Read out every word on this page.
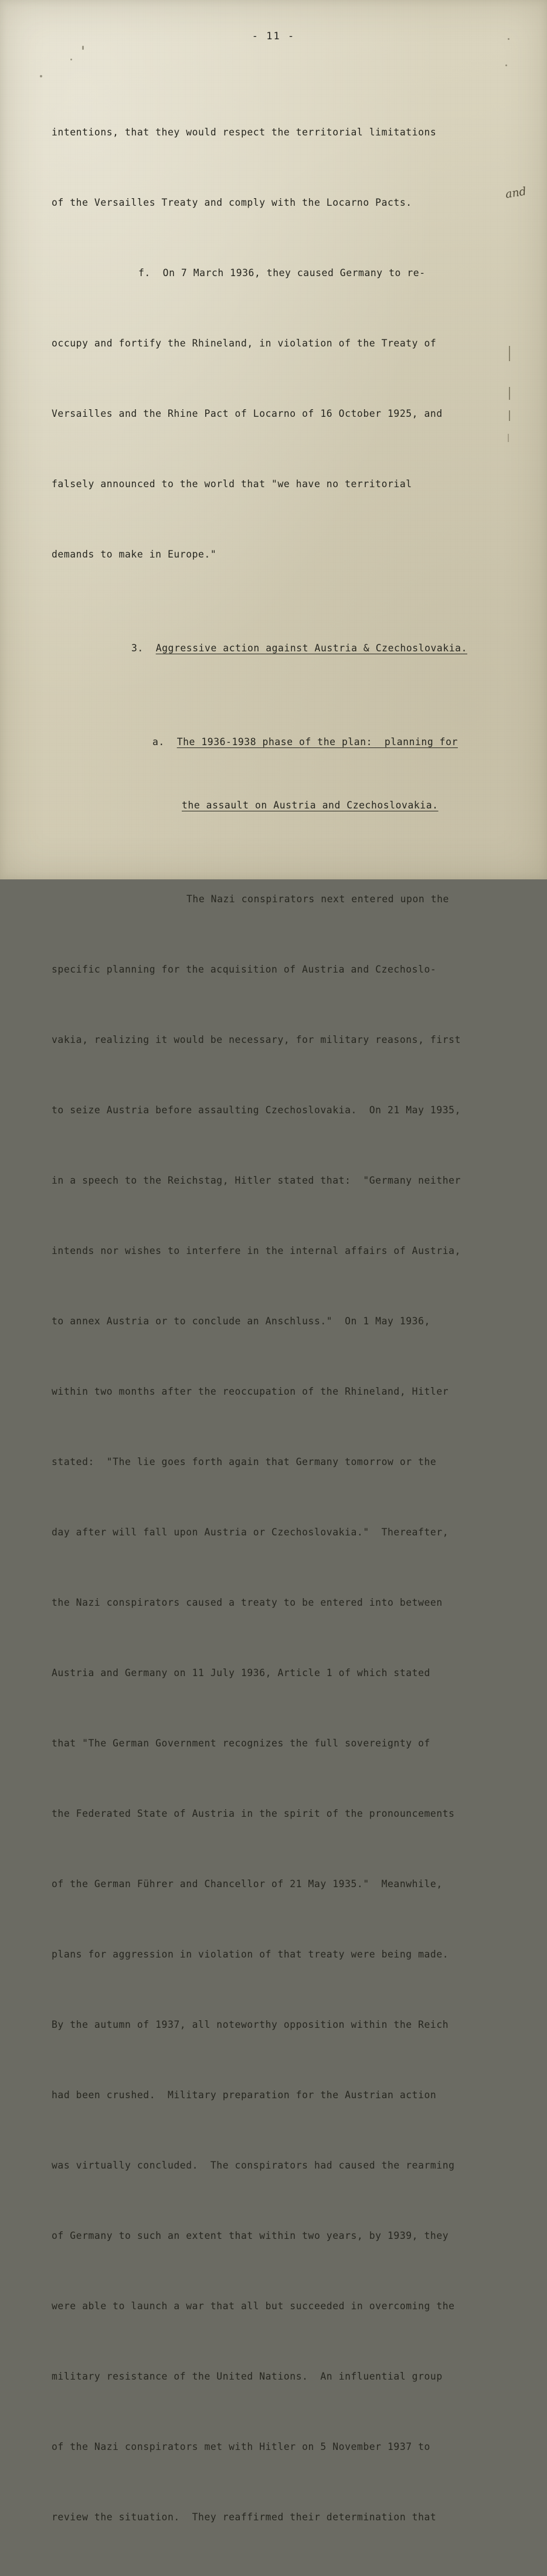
- 11 -

intentions, that they would respect the territorial limitations

of the Versailles Treaty and comply with the Locarno Pacts.

f.  On 7 March 1936, they caused Germany to re-

occupy and fortify the Rhineland, in violation of the Treaty of

Versailles and the Rhine Pact of Locarno of 16 October 1925, and

falsely announced to the world that "we have no territorial

demands to make in Europe."

3. Aggressive action against Austria & Czechoslovakia.

a. The 1936-1938 phase of the plan:  planning for

the assault on Austria and Czechoslovakia.

The Nazi conspirators next entered upon the

specific planning for the acquisition of Austria and Czechoslo-

vakia, realizing it would be necessary, for military reasons, first

to seize Austria before assaulting Czechoslovakia.  On 21 May 1935,

in a speech to the Reichstag, Hitler stated that:  "Germany neither

intends nor wishes to interfere in the internal affairs of Austria,

to annex Austria or to conclude an Anschluss."  On 1 May 1936,

within two months after the reoccupation of the Rhineland, Hitler

stated:  "The lie goes forth again that Germany tomorrow or the

day after will fall upon Austria or Czechoslovakia."  Thereafter,

the Nazi conspirators caused a treaty to be entered into between

Austria and Germany on 11 July 1936, Article 1 of which stated

that "The German Government recognizes the full sovereignty of

the Federated State of Austria in the spirit of the pronouncements

of the German Führer and Chancellor of 21 May 1935."  Meanwhile,

plans for aggression in violation of that treaty were being made.

By the autumn of 1937, all noteworthy opposition within the Reich

had been crushed.  Military preparation for the Austrian action

was virtually concluded.  The conspirators had caused the rearming

of Germany to such an extent that within two years, by 1939, they

were able to launch a war that all but succeeded in overcoming the

military resistance of the United Nations.  An influential group

of the Nazi conspirators met with Hitler on 5 November 1937 to

review the situation.  They reaffirmed their determination that

and
